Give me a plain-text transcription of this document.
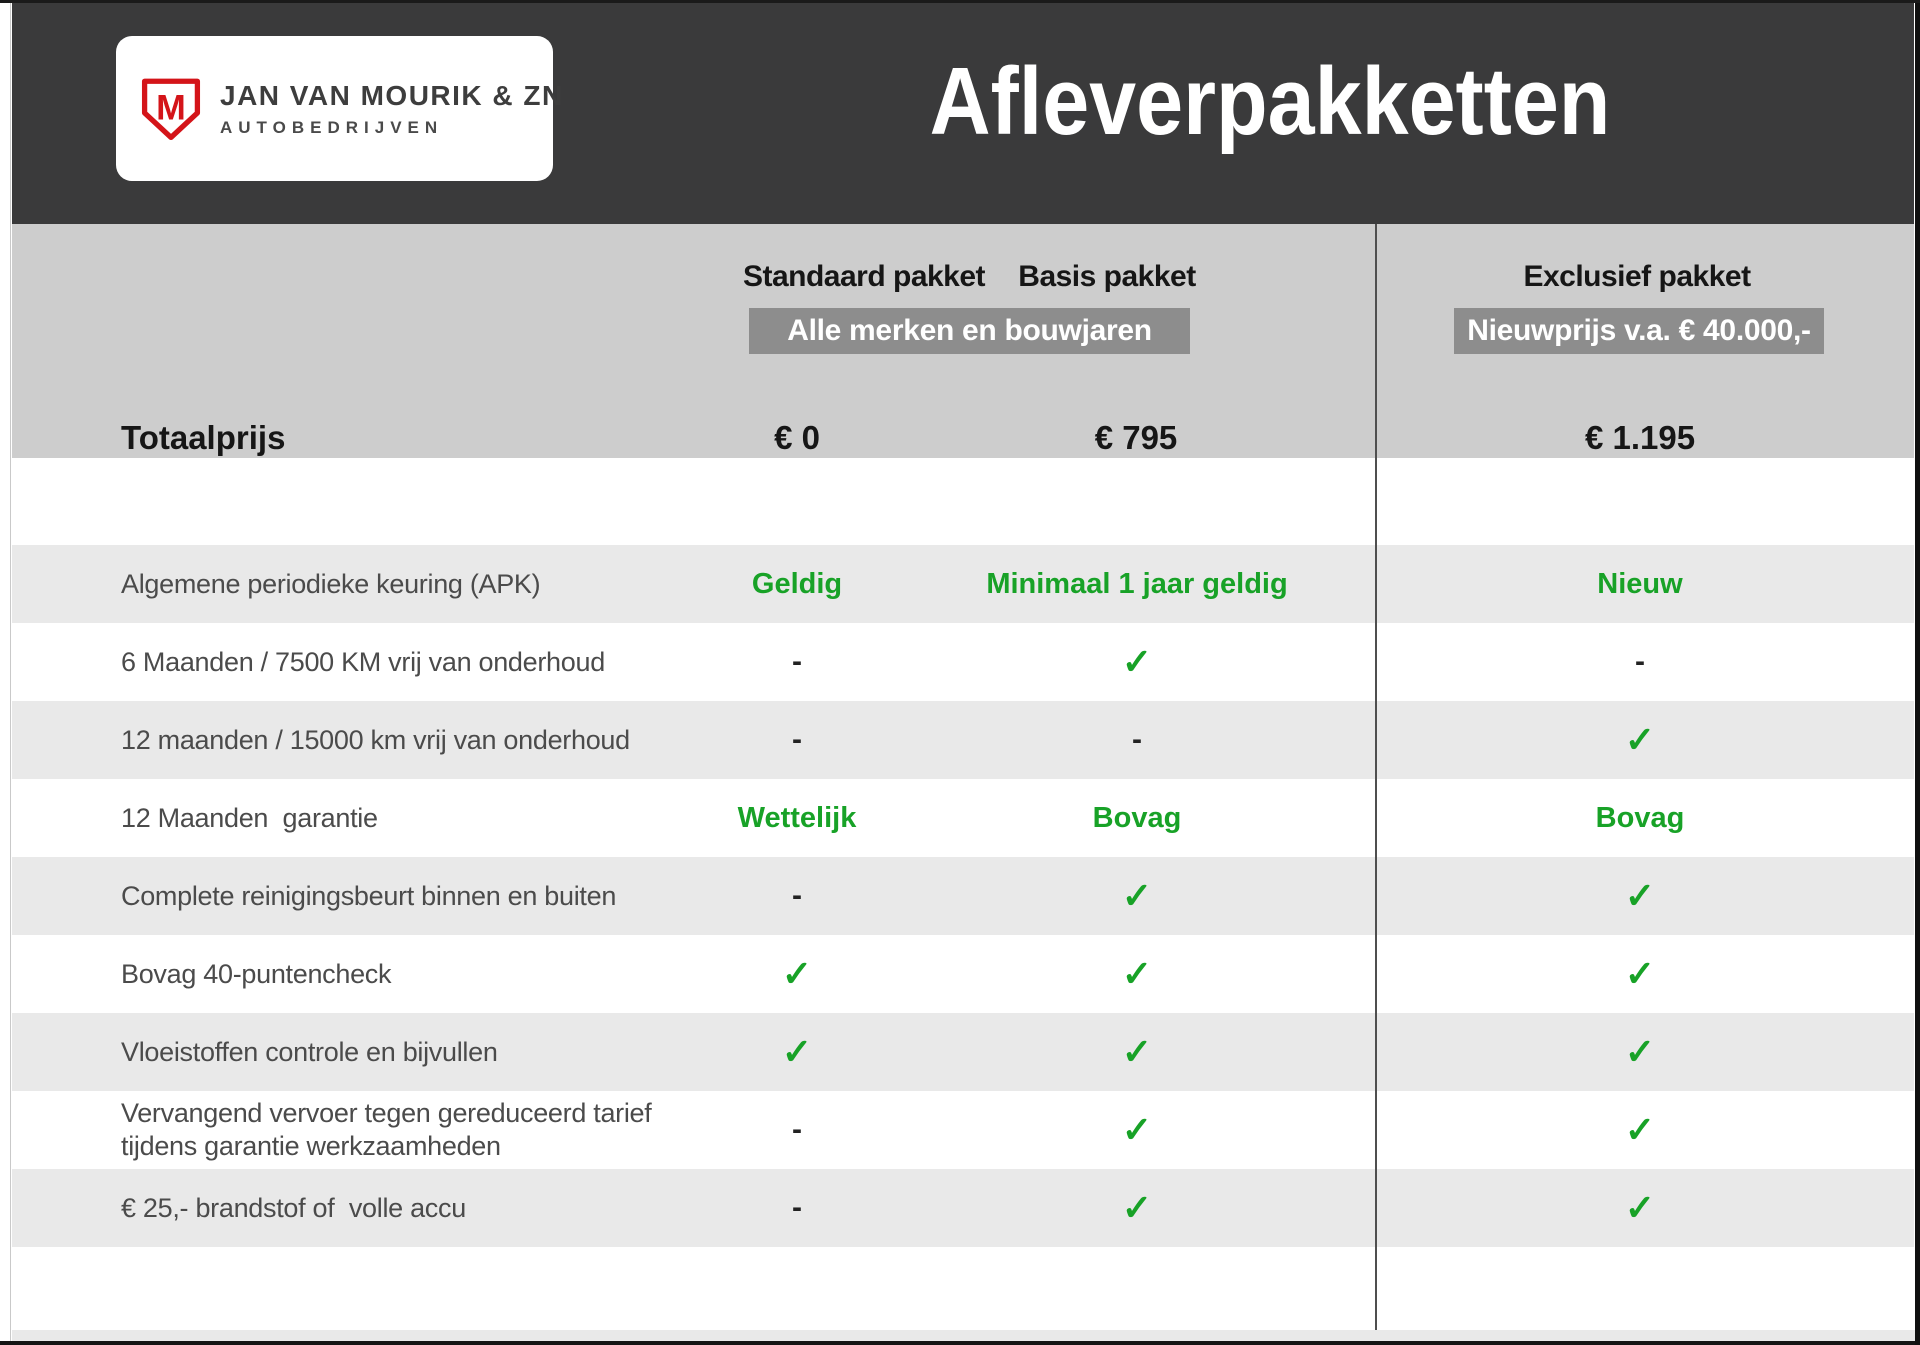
M JAN VAN MOURIK & ZN
AUTOBEDRIJVEN	Afleverpakketten
Standaard pakket Basis pakket	Exclusief pakket
Alle merken en bouwjaren	Nieuwprijs v.a. € 40.000,-
Totaalprijs	€ 0	€ 795	€ 1.195
Algemene periodieke keuring (APK)	Geldig	Minimaal 1 jaar geldig	Nieuw
6 Maanden / 7500 KM vrij van onderhoud	-	✓	-
12 maanden / 15000 km vrij van onderhoud	-	-	✓
12 Maanden  garantie	Wettelijk	Bovag	Bovag
Complete reinigingsbeurt binnen en buiten	-	✓	✓
Bovag 40-puntencheck	✓	✓	✓
Vloeistoffen controle en bijvullen	✓	✓	✓
Vervangend vervoer tegen gereduceerd tarief
tijdens garantie werkzaamheden	-	✓	✓
€ 25,- brandstof of  volle accu	-	✓	✓
